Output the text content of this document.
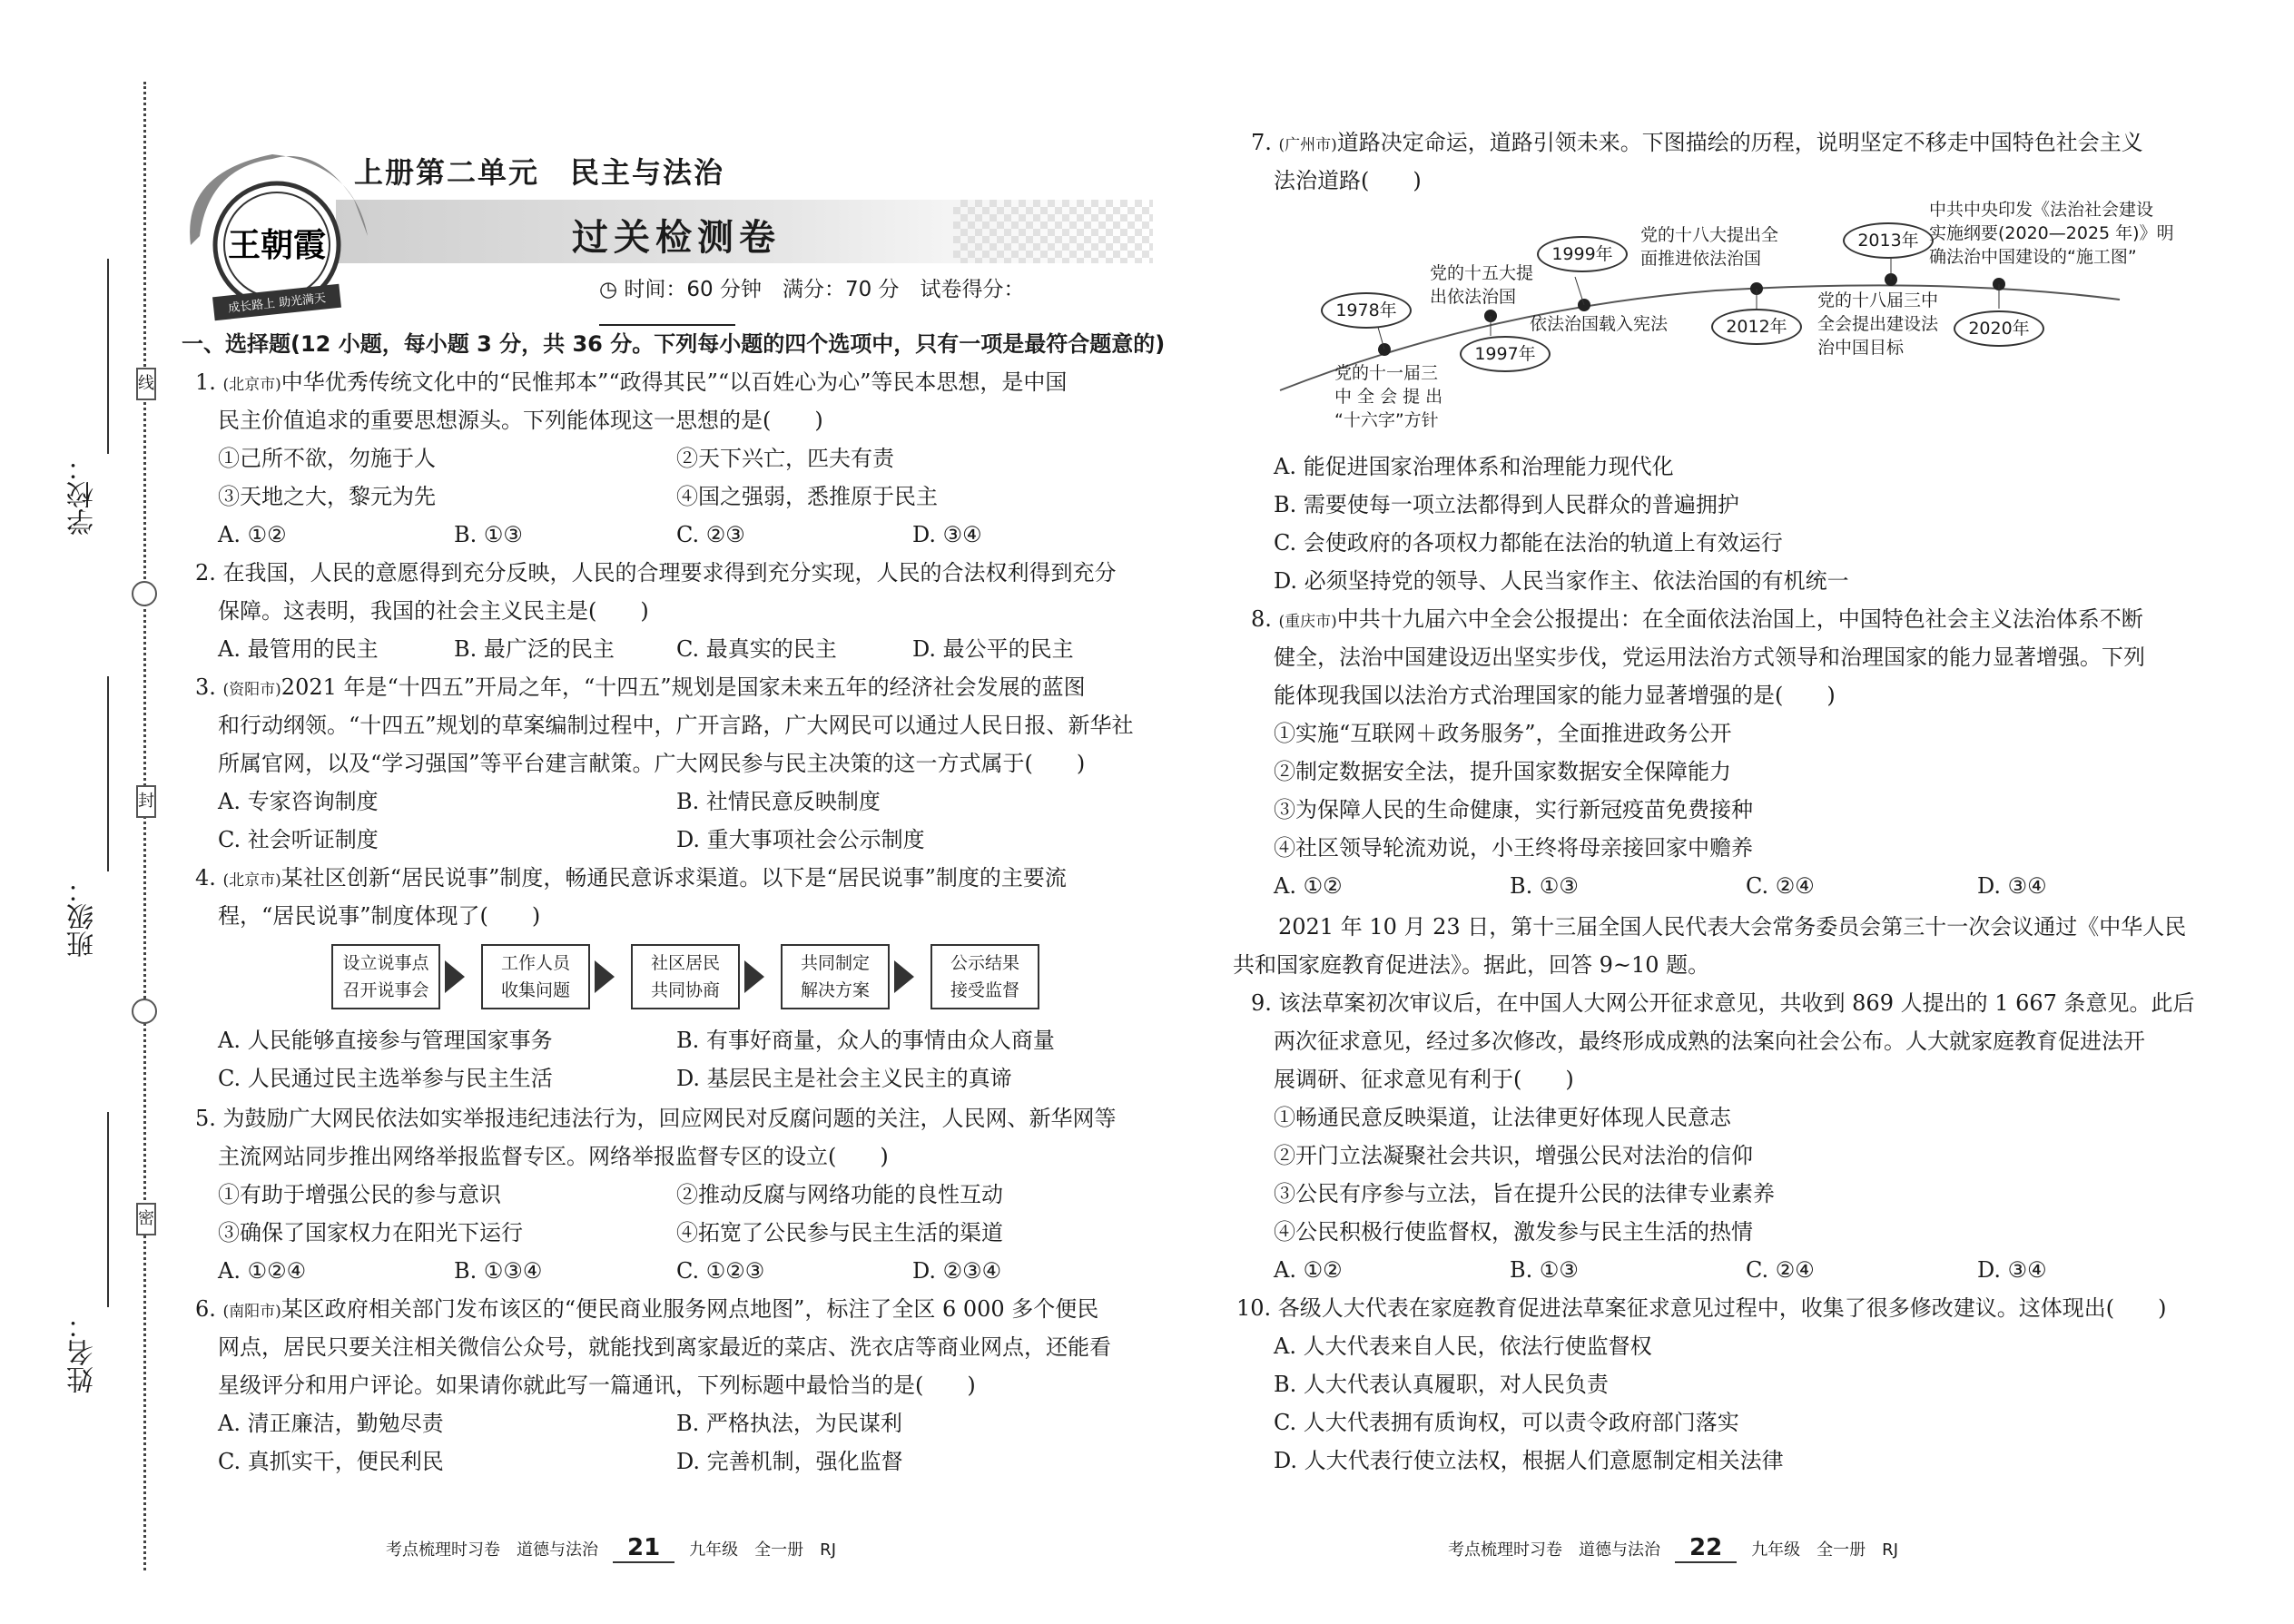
线
封
密
学校：
班级：
姓名：
王朝霞
成长路上 助光满天
上册第二单元　民主与法治
过关检测卷
◷ 时间：60 分钟　满分：70 分　试卷得分：
一、选择题(12 小题，每小题 3 分，共 36 分。下列每小题的四个选项中，只有一项是最符合题意的)
1. (北京市)中华优秀传统文化中的“民惟邦本”“政得其民”“以百姓心为心”等民本思想，是中国
民主价值追求的重要思想源头。下列能体现这一思想的是(　　)
①己所不欲，勿施于人	②天下兴亡，匹夫有责
③天地之大，黎元为先	④国之强弱，悉推原于民主
A. ①②	B. ①③	C. ②③	D. ③④
2. 在我国，人民的意愿得到充分反映，人民的合理要求得到充分实现，人民的合法权利得到充分
保障。这表明，我国的社会主义民主是(　　)
A. 最管用的民主	B. 最广泛的民主	C. 最真实的民主	D. 最公平的民主
3. (资阳市)2021 年是“十四五”开局之年，“十四五”规划是国家未来五年的经济社会发展的蓝图
和行动纲领。“十四五”规划的草案编制过程中，广开言路，广大网民可以通过人民日报、新华社
所属官网，以及“学习强国”等平台建言献策。广大网民参与民主决策的这一方式属于(　　)
A. 专家咨询制度	B. 社情民意反映制度
C. 社会听证制度	D. 重大事项社会公示制度
4. (北京市)某社区创新“居民说事”制度，畅通民意诉求渠道。以下是“居民说事”制度的主要流
程，“居民说事”制度体现了(　　)
设立说事点
召开说事会
工作人员
收集问题
社区居民
共同协商
共同制定
解决方案
公示结果
接受监督
A. 人民能够直接参与管理国家事务	B. 有事好商量，众人的事情由众人商量
C. 人民通过民主选举参与民主生活	D. 基层民主是社会主义民主的真谛
5. 为鼓励广大网民依法如实举报违纪违法行为，回应网民对反腐问题的关注，人民网、新华网等
主流网站同步推出网络举报监督专区。网络举报监督专区的设立(　　)
①有助于增强公民的参与意识	②推动反腐与网络功能的良性互动
③确保了国家权力在阳光下运行	④拓宽了公民参与民主生活的渠道
A. ①②④	B. ①③④	C. ①②③	D. ②③④
6. (南阳市)某区政府相关部门发布该区的“便民商业服务网点地图”，标注了全区 6 000 多个便民
网点，居民只要关注相关微信公众号，就能找到离家最近的菜店、洗衣店等商业网点，还能看
星级评分和用户评论。如果请你就此写一篇通讯，下列标题中最恰当的是(　　)
A. 清正廉洁，勤勉尽责	B. 严格执法，为民谋利
C. 真抓实干，便民利民	D. 完善机制，强化监督
考点梳理时习卷　道德与法治 21 九年级　全一册　RJ
7. (广州市)道路决定命运，道路引领未来。下图描绘的历程，说明坚定不移走中国特色社会主义
法治道路(　　)
1978年
1997年
1999年
2012年
2013年
2020年
党的十一届三
中 全 会 提 出
“十六字”方针
党的十五大提
出依法治国
依法治国载入宪法
党的十八大提出全
面推进依法治国
党的十八届三中
全会提出建设法
治中国目标
中共中央印发《法治社会建设
实施纲要(2020—2025 年)》明
确法治中国建设的“施工图”
A. 能促进国家治理体系和治理能力现代化
B. 需要使每一项立法都得到人民群众的普遍拥护
C. 会使政府的各项权力都能在法治的轨道上有效运行
D. 必须坚持党的领导、人民当家作主、依法治国的有机统一
8. (重庆市)中共十九届六中全会公报提出：在全面依法治国上，中国特色社会主义法治体系不断
健全，法治中国建设迈出坚实步伐，党运用法治方式领导和治理国家的能力显著增强。下列
能体现我国以法治方式治理国家的能力显著增强的是(　　)
①实施“互联网＋政务服务”，全面推进政务公开
②制定数据安全法，提升国家数据安全保障能力
③为保障人民的生命健康，实行新冠疫苗免费接种
④社区领导轮流劝说，小王终将母亲接回家中赡养
A. ①②	B. ①③	C. ②④	D. ③④
2021 年 10 月 23 日，第十三届全国人民代表大会常务委员会第三十一次会议通过《中华人民
共和国家庭教育促进法》。据此，回答 9~10 题。
9. 该法草案初次审议后，在中国人大网公开征求意见，共收到 869 人提出的 1 667 条意见。此后
两次征求意见，经过多次修改，最终形成成熟的法案向社会公布。人大就家庭教育促进法开
展调研、征求意见有利于(　　)
①畅通民意反映渠道，让法律更好体现人民意志
②开门立法凝聚社会共识，增强公民对法治的信仰
③公民有序参与立法，旨在提升公民的法律专业素养
④公民积极行使监督权，激发参与民主生活的热情
A. ①②	B. ①③	C. ②④	D. ③④
10. 各级人大代表在家庭教育促进法草案征求意见过程中，收集了很多修改建议。这体现出(　　)
A. 人大代表来自人民，依法行使监督权
B. 人大代表认真履职，对人民负责
C. 人大代表拥有质询权，可以责令政府部门落实
D. 人大代表行使立法权，根据人们意愿制定相关法律
考点梳理时习卷　道德与法治 22 九年级　全一册　RJ
